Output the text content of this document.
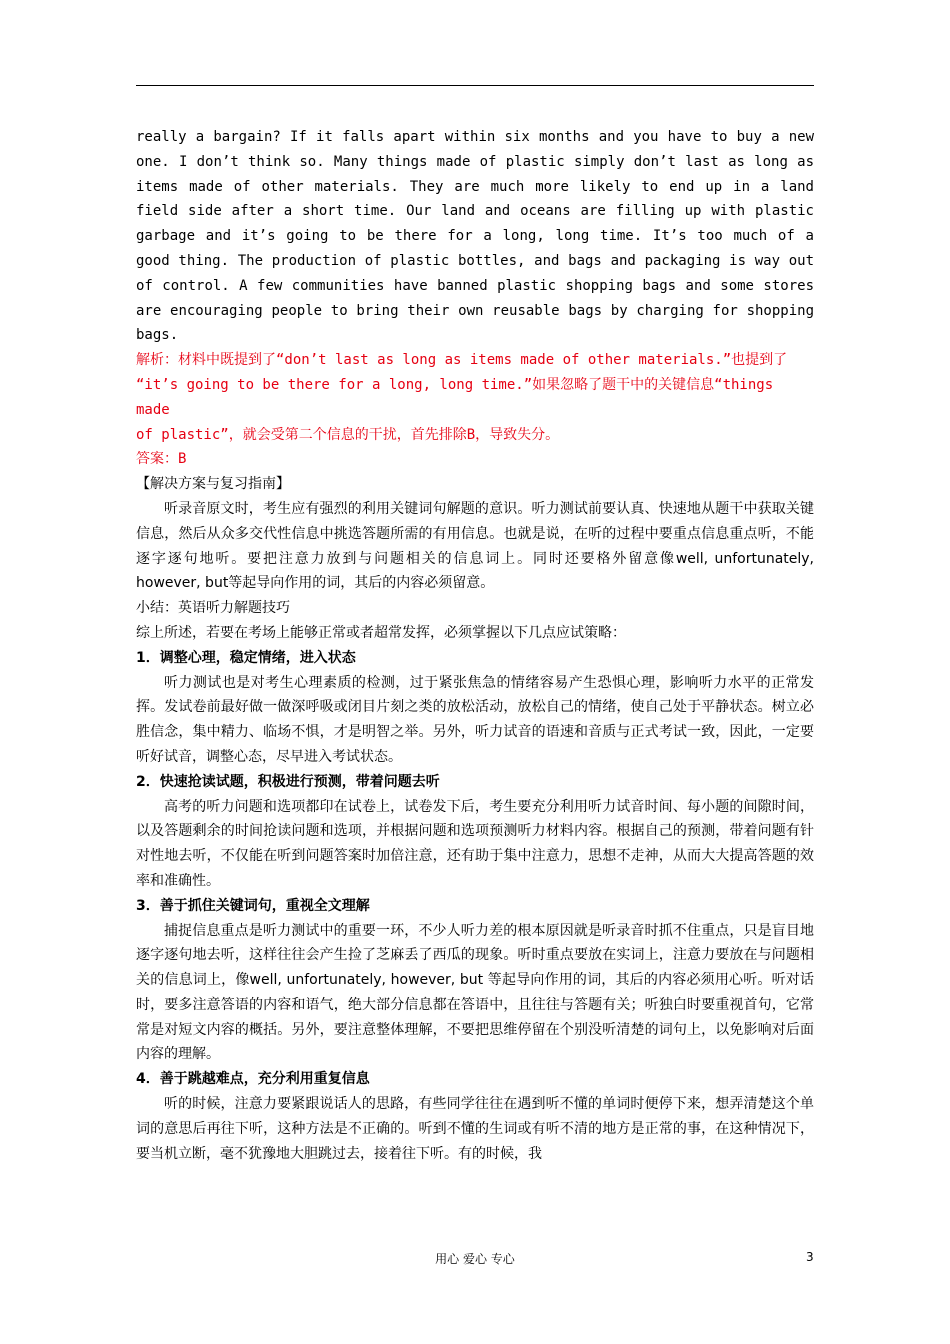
really a bargain? If it falls apart within six months and you have to buy a new one. I don’t think so. Many things made of plastic simply don’t last as long as items made of other materials. They are much more likely to end up in a land field side after a short time. Our land and oceans are filling up with plastic garbage and it’s going to be there for a long, long time. It’s too much of a good thing. The production of plastic bottles, and bags and packaging is way out of control. A few communities have banned plastic shopping bags and some stores are encouraging people to bring their own reusable bags by charging for shopping bags.

解析：材料中既提到了“don’t last as long as items made of other materials.”也提到了

“it’s going to be there for a long, long time.”如果忽略了题干中的关键信息“things made

of plastic”，就会受第二个信息的干扰，首先排除B，导致失分。

答案：B

【解决方案与复习指南】

听录音原文时，考生应有强烈的利用关键词句解题的意识。听力测试前要认真、快速地从题干中获取关键信息，然后从众多交代性信息中挑选答题所需的有用信息。也就是说，在听的过程中要重点信息重点听，不能逐字逐句地听。要把注意力放到与问题相关的信息词上。同时还要格外留意像well, unfortunately, however, but等起导向作用的词，其后的内容必须留意。

小结：英语听力解题技巧

综上所述，若要在考场上能够正常或者超常发挥，必须掌握以下几点应试策略：

1．调整心理，稳定情绪，进入状态

听力测试也是对考生心理素质的检测，过于紧张焦急的情绪容易产生恐惧心理，影响听力水平的正常发挥。发试卷前最好做一做深呼吸或闭目片刻之类的放松活动，放松自己的情绪，使自己处于平静状态。树立必胜信念，集中精力、临场不惧，才是明智之举。另外，听力试音的语速和音质与正式考试一致，因此，一定要听好试音，调整心态，尽早进入考试状态。

2．快速抢读试题，积极进行预测，带着问题去听

高考的听力问题和选项都印在试卷上，试卷发下后，考生要充分利用听力试音时间、每小题的间隙时间，以及答题剩余的时间抢读问题和选项，并根据问题和选项预测听力材料内容。根据自己的预测，带着问题有针对性地去听，不仅能在听到问题答案时加倍注意，还有助于集中注意力，思想不走神，从而大大提高答题的效率和准确性。

3．善于抓住关键词句，重视全文理解

捕捉信息重点是听力测试中的重要一环，不少人听力差的根本原因就是听录音时抓不住重点，只是盲目地逐字逐句地去听，这样往往会产生捡了芝麻丢了西瓜的现象。听时重点要放在实词上，注意力要放在与问题相关的信息词上，像well, unfortunately, however, but 等起导向作用的词，其后的内容必须用心听。听对话时，要多注意答语的内容和语气，绝大部分信息都在答语中，且往往与答题有关；听独白时要重视首句，它常常是对短文内容的概括。另外，要注意整体理解，不要把思维停留在个别没听清楚的词句上，以免影响对后面内容的理解。

4．善于跳越难点，充分利用重复信息

听的时候，注意力要紧跟说话人的思路，有些同学往往在遇到听不懂的单词时便停下来，想弄清楚这个单词的意思后再往下听，这种方法是不正确的。听到不懂的生词或有听不清的地方是正常的事，在这种情况下，要当机立断，毫不犹豫地大胆跳过去，接着往下听。有的时候，我

用心 爱心 专心	3
